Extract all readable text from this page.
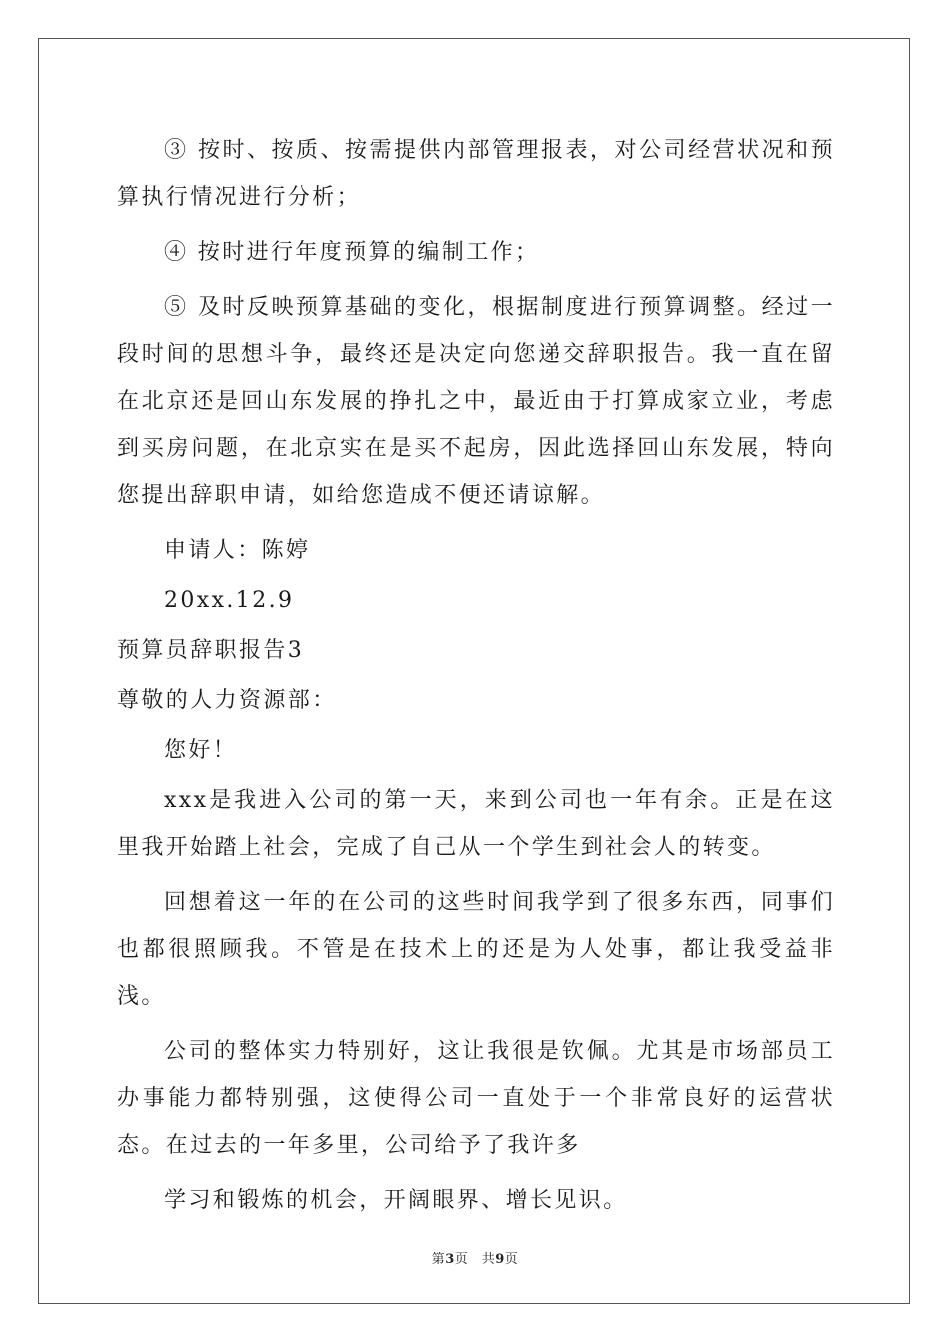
③ 按时、按质、按需提供内部管理报表，对公司经营状况和预算执行情况进行分析；

④ 按时进行年度预算的编制工作；

⑤ 及时反映预算基础的变化，根据制度进行预算调整。经过一段时间的思想斗争，最终还是决定向您递交辞职报告。我一直在留在北京还是回山东发展的挣扎之中，最近由于打算成家立业，考虑到买房问题，在北京实在是买不起房，因此选择回山东发展，特向您提出辞职申请，如给您造成不便还请谅解。

申请人：陈婷

20xx.12.9

预算员辞职报告3

尊敬的人力资源部：

您好！

xxx是我进入公司的第一天，来到公司也一年有余。正是在这里我开始踏上社会，完成了自己从一个学生到社会人的转变。

回想着这一年的在公司的这些时间我学到了很多东西，同事们也都很照顾我。不管是在技术上的还是为人处事，都让我受益非浅。

公司的整体实力特别好，这让我很是钦佩。尤其是市场部员工办事能力都特别强，这使得公司一直处于一个非常良好的运营状态。在过去的一年多里，公司给予了我许多

学习和锻炼的机会，开阔眼界、增长见识。

第3页　共9页
